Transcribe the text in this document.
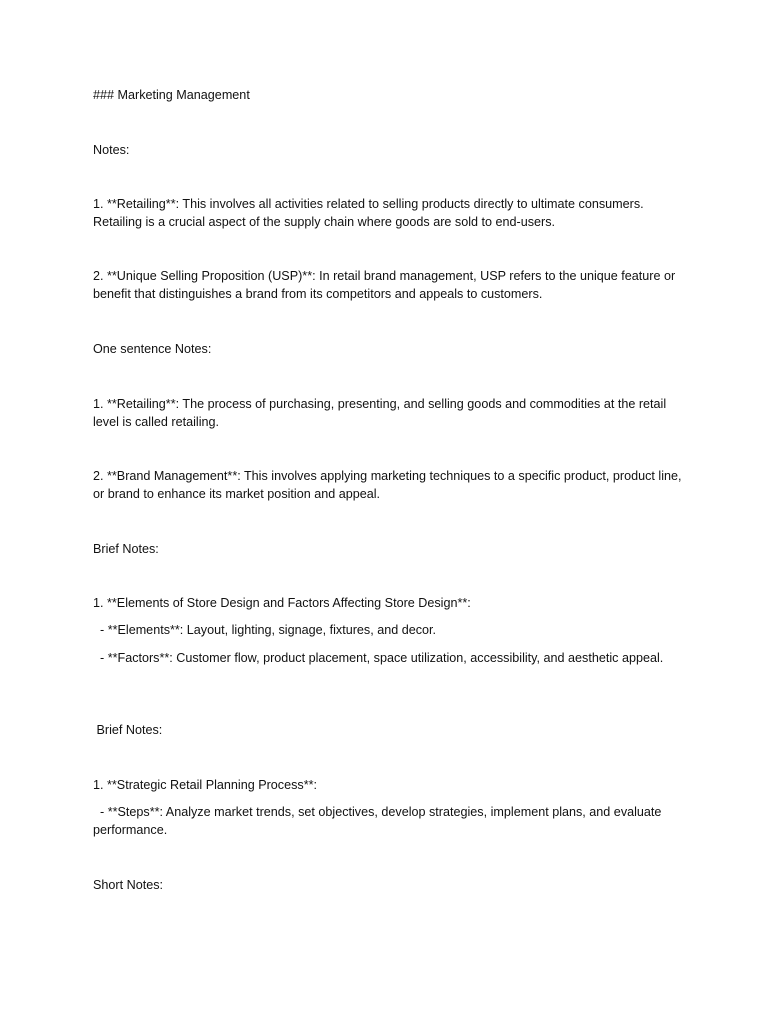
### Marketing Management
Notes:
1. **Retailing**: This involves all activities related to selling products directly to ultimate consumers. Retailing is a crucial aspect of the supply chain where goods are sold to end-users.
2. **Unique Selling Proposition (USP)**: In retail brand management, USP refers to the unique feature or benefit that distinguishes a brand from its competitors and appeals to customers.
One sentence Notes:
1. **Retailing**: The process of purchasing, presenting, and selling goods and commodities at the retail level is called retailing.
2. **Brand Management**: This involves applying marketing techniques to a specific product, product line, or brand to enhance its market position and appeal.
Brief Notes:
1. **Elements of Store Design and Factors Affecting Store Design**:
- **Elements**: Layout, lighting, signage, fixtures, and decor.
- **Factors**: Customer flow, product placement, space utilization, accessibility, and aesthetic appeal.
Brief Notes:
1. **Strategic Retail Planning Process**:
- **Steps**: Analyze market trends, set objectives, develop strategies, implement plans, and evaluate performance.
Short Notes:
